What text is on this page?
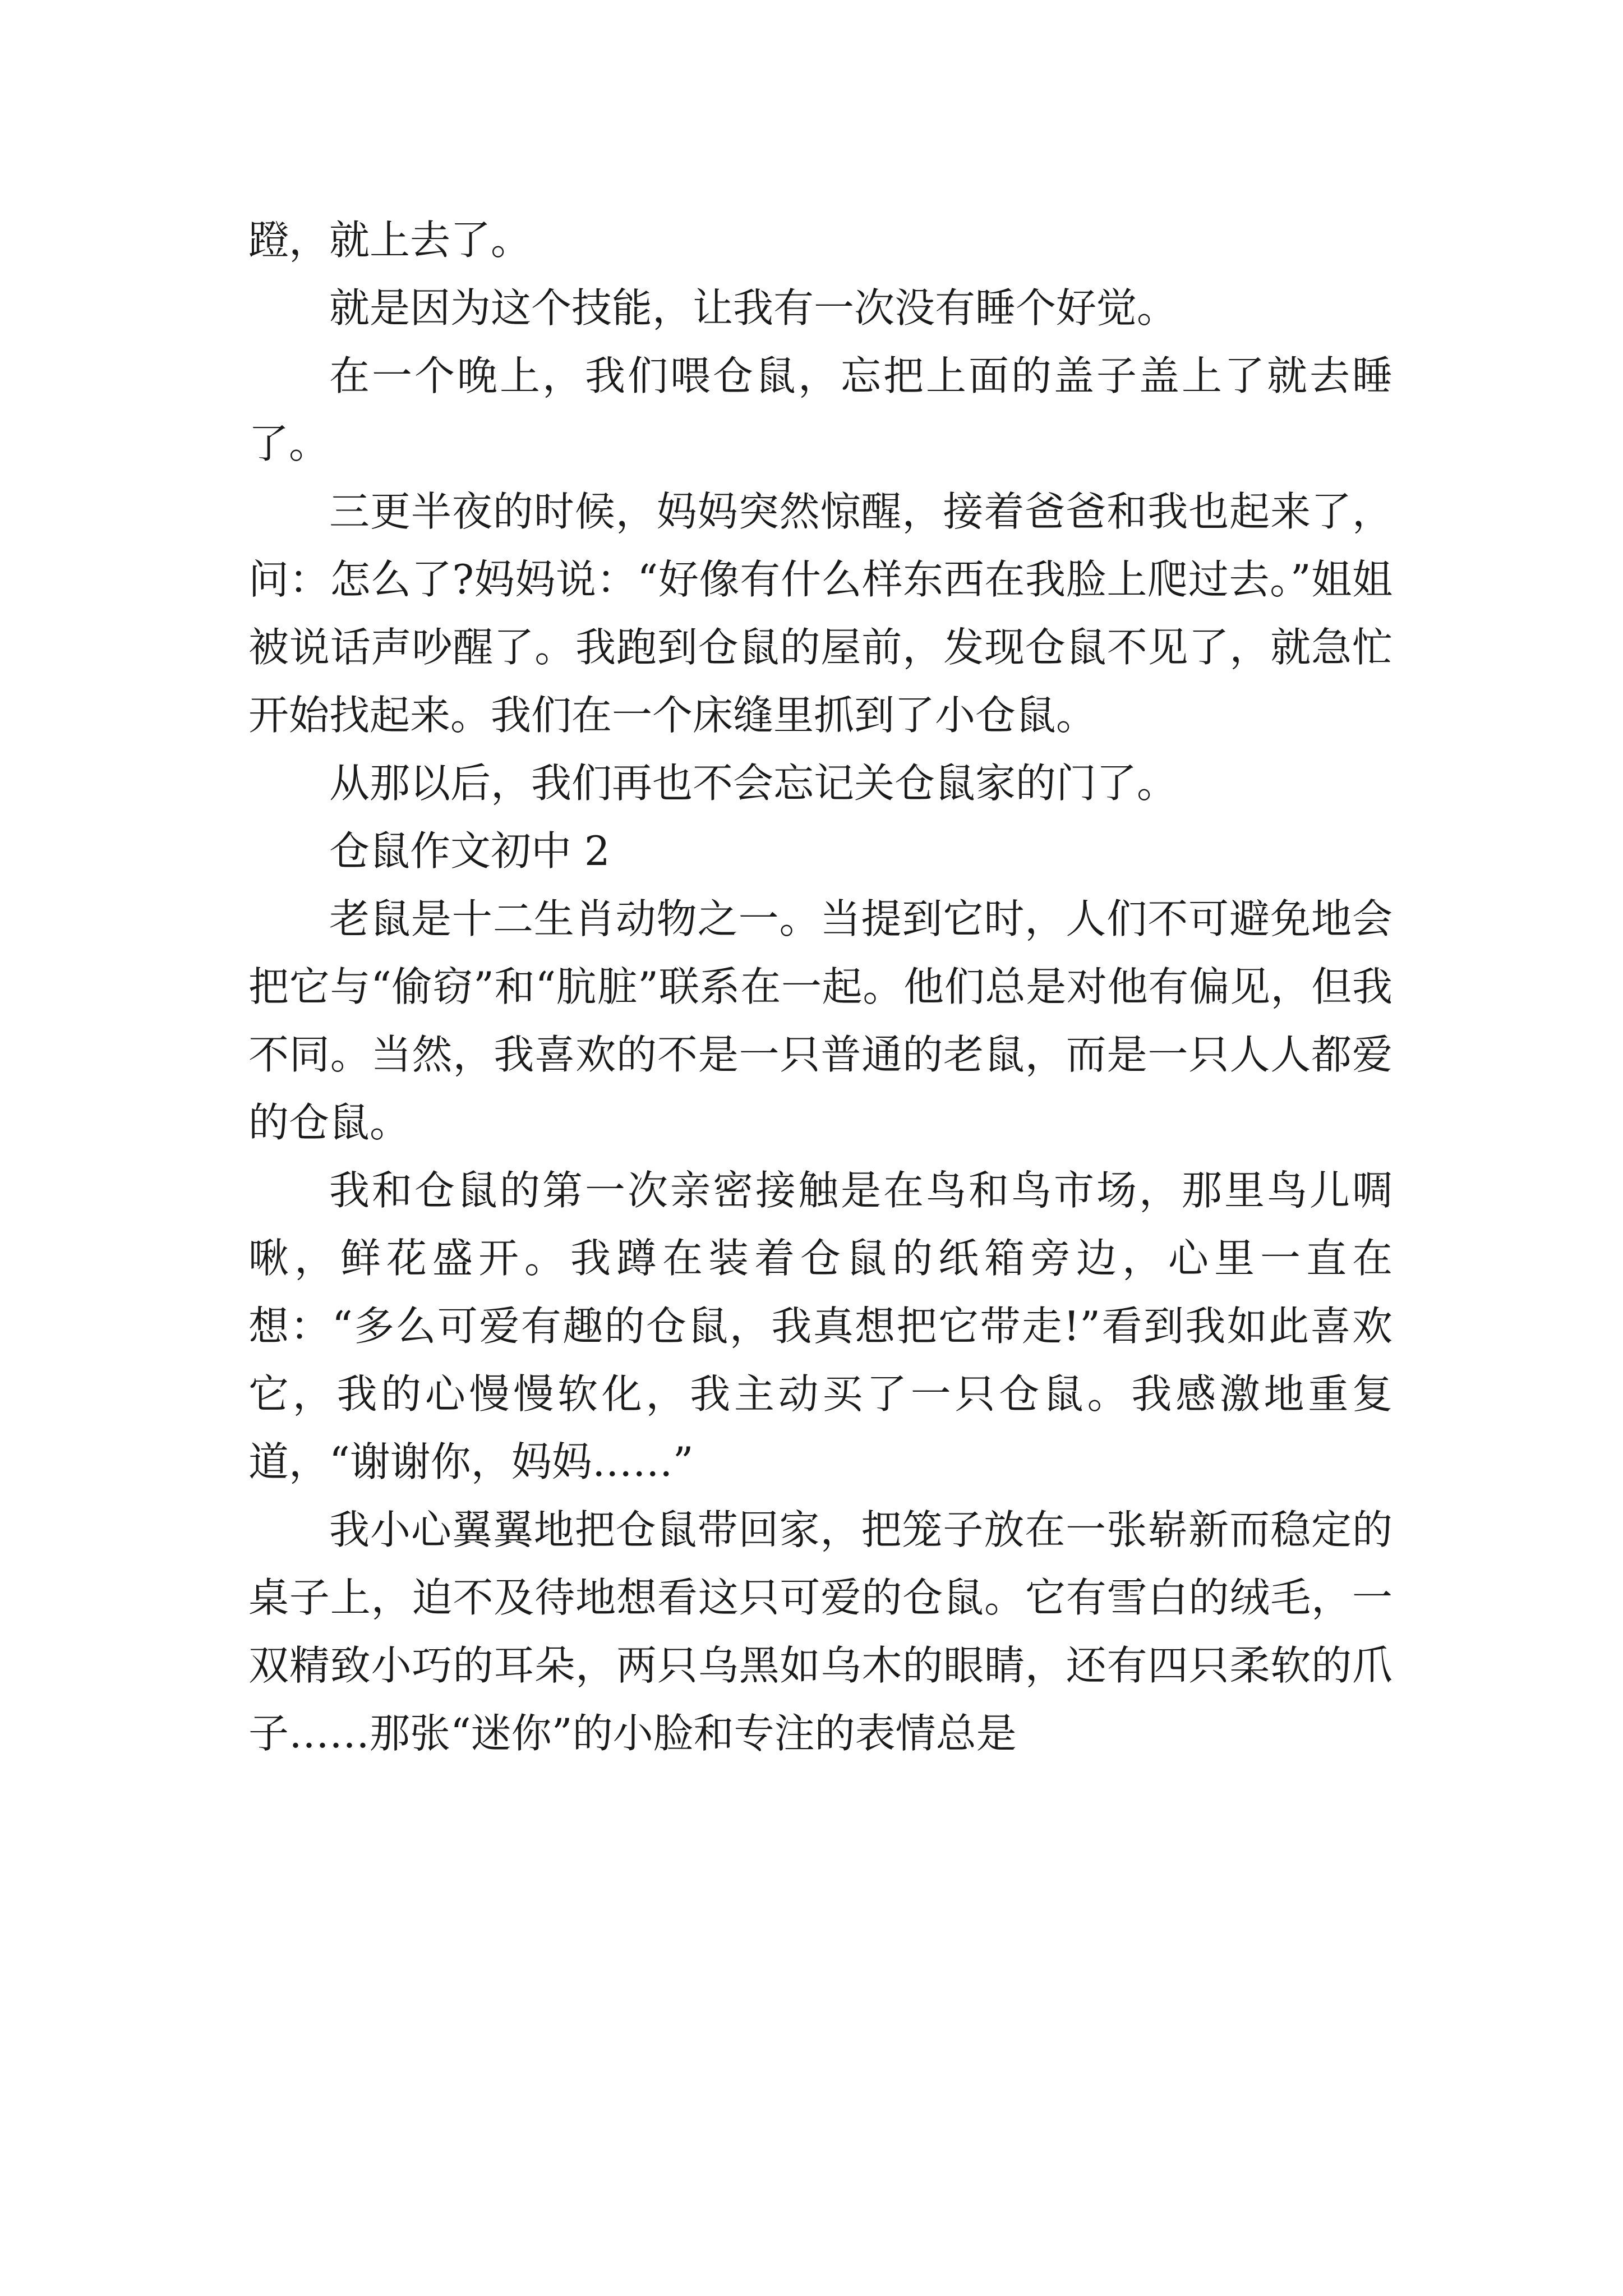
蹬，就上去了。

就是因为这个技能，让我有一次没有睡个好觉。

在一个晚上，我们喂仓鼠，忘把上面的盖子盖上了就去睡了。

三更半夜的时候，妈妈突然惊醒，接着爸爸和我也起来了，问：怎么了?妈妈说：“好像有什么样东西在我脸上爬过去。”姐姐被说话声吵醒了。我跑到仓鼠的屋前，发现仓鼠不见了，就急忙开始找起来。我们在一个床缝里抓到了小仓鼠。

从那以后，我们再也不会忘记关仓鼠家的门了。

仓鼠作文初中 2

老鼠是十二生肖动物之一。当提到它时，人们不可避免地会把它与“偷窃”和“肮脏”联系在一起。他们总是对他有偏见，但我不同。当然，我喜欢的不是一只普通的老鼠，而是一只人人都爱的仓鼠。

我和仓鼠的第一次亲密接触是在鸟和鸟市场，那里鸟儿啁啾，鲜花盛开。我蹲在装着仓鼠的纸箱旁边，心里一直在想：“多么可爱有趣的仓鼠，我真想把它带走!”看到我如此喜欢它，我的心慢慢软化，我主动买了一只仓鼠。我感激地重复道，“谢谢你，妈妈……”

我小心翼翼地把仓鼠带回家，把笼子放在一张崭新而稳定的桌子上，迫不及待地想看这只可爱的仓鼠。它有雪白的绒毛，一双精致小巧的耳朵，两只乌黑如乌木的眼睛，还有四只柔软的爪子……那张“迷你”的小脸和专注的表情总是
